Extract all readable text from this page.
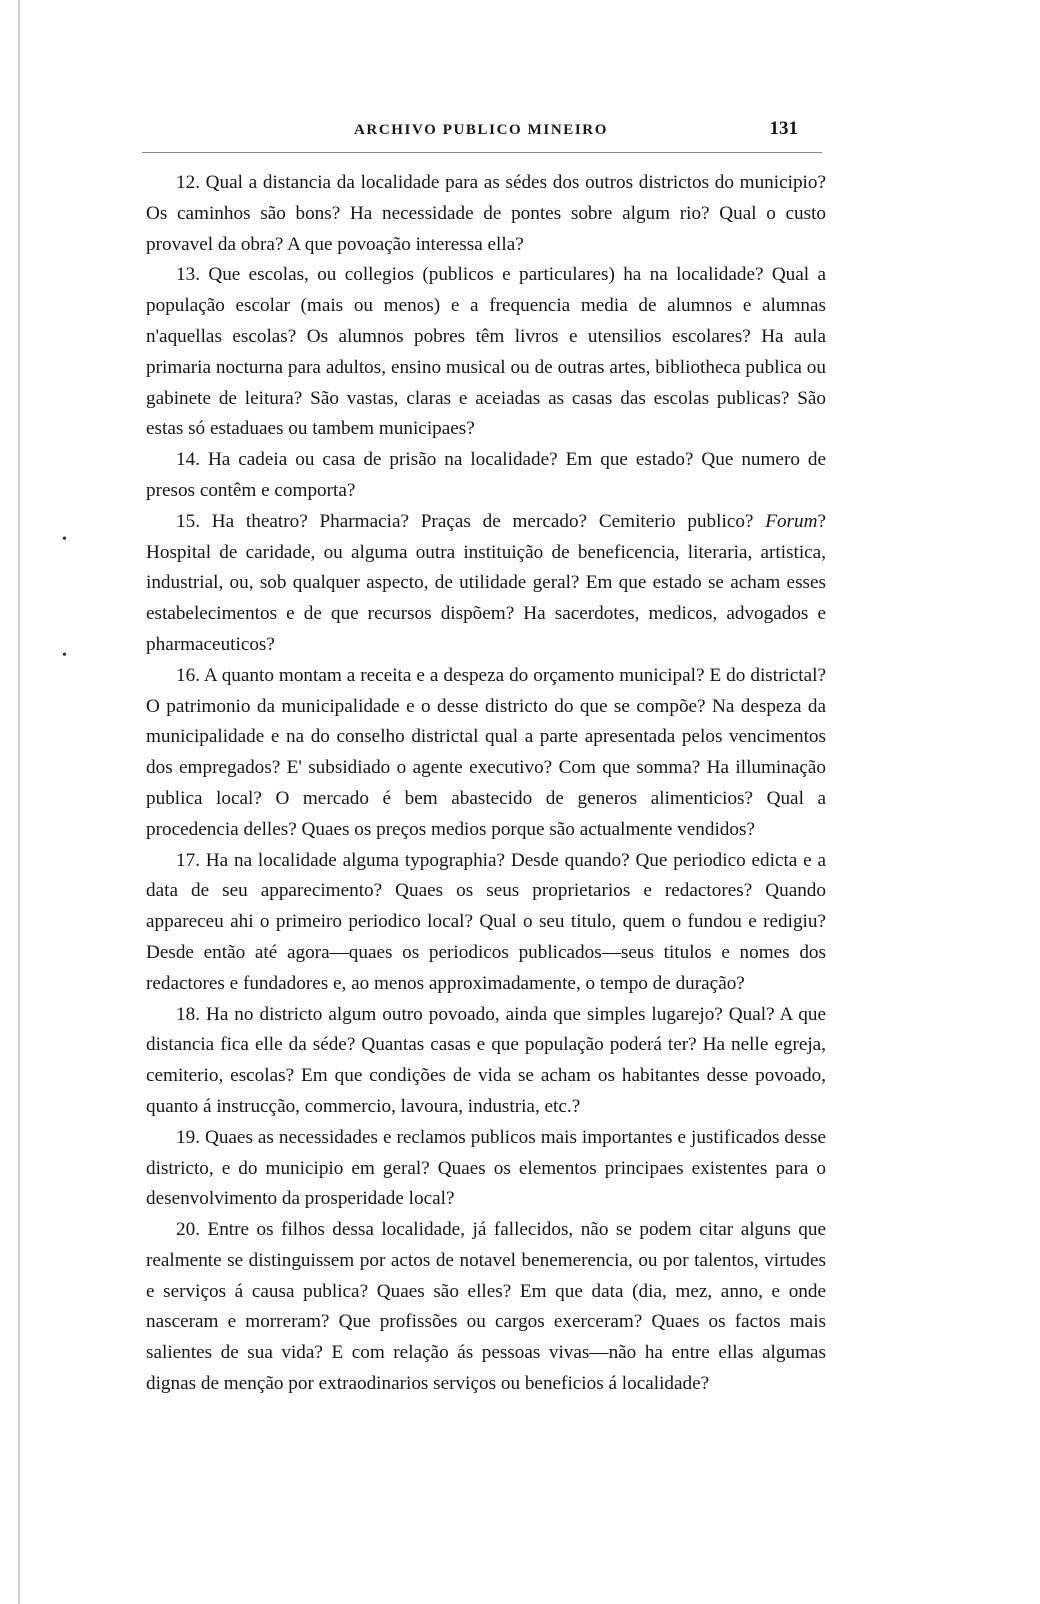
ARCHIVO PUBLICO MINEIRO	131
•
•

12. Qual a distancia da localidade para as sédes dos outros districtos do municipio? Os caminhos são bons? Ha necessidade de pontes sobre algum rio? Qual o custo provavel da obra? A que povoação interessa ella?

13. Que escolas, ou collegios (publicos e particulares) ha na localidade? Qual a população escolar (mais ou menos) e a frequencia media de alumnos e alumnas n'aquellas escolas? Os alumnos pobres têm livros e utensilios escolares? Ha aula primaria nocturna para adultos, ensino musical ou de outras artes, bibliotheca publica ou gabinete de leitura? São vastas, claras e aceiadas as casas das escolas publicas? São estas só estaduaes ou tambem municipaes?

14. Ha cadeia ou casa de prisão na localidade? Em que estado? Que numero de presos contêm e comporta?

15. Ha theatro? Pharmacia? Praças de mercado? Cemiterio publico? Forum? Hospital de caridade, ou alguma outra instituição de beneficencia, literaria, artistica, industrial, ou, sob qualquer aspecto, de utilidade geral? Em que estado se acham esses estabelecimentos e de que recursos dispõem? Ha sacerdotes, medicos, advogados e pharmaceuticos?

16. A quanto montam a receita e a despeza do orçamento municipal? E do districtal? O patrimonio da municipalidade e o desse districto do que se compõe? Na despeza da municipalidade e na do conselho districtal qual a parte apresentada pelos vencimentos dos empregados? E' subsidiado o agente executivo? Com que somma? Ha illuminação publica local? O mercado é bem abastecido de generos alimenticios? Qual a procedencia delles? Quaes os preços medios porque são actualmente vendidos?

17. Ha na localidade alguma typographia? Desde quando? Que periodico edicta e a data de seu apparecimento? Quaes os seus proprietarios e redactores? Quando appareceu ahi o primeiro periodico local? Qual o seu titulo, quem o fundou e redigiu? Desde então até agora—quaes os periodicos publicados—seus titulos e nomes dos redactores e fundadores e, ao menos approximadamente, o tempo de duração?

18. Ha no districto algum outro povoado, ainda que simples lugarejo? Qual? A que distancia fica elle da séde? Quantas casas e que população poderá ter? Ha nelle egreja, cemiterio, escolas? Em que condições de vida se acham os habitantes desse povoado, quanto á instrucção, commercio, lavoura, industria, etc.?

19. Quaes as necessidades e reclamos publicos mais importantes e justificados desse districto, e do municipio em geral? Quaes os elementos principaes existentes para o desenvolvimento da prosperidade local?

20. Entre os filhos dessa localidade, já fallecidos, não se podem citar alguns que realmente se distinguissem por actos de notavel benemerencia, ou por talentos, virtudes e serviços á causa publica? Quaes são elles? Em que data (dia, mez, anno, e onde nasceram e morreram? Que profissões ou cargos exerceram? Quaes os factos mais salientes de sua vida? E com relação ás pessoas vivas—não ha entre ellas algumas dignas de menção por extraodinarios serviços ou beneficios á localidade?
